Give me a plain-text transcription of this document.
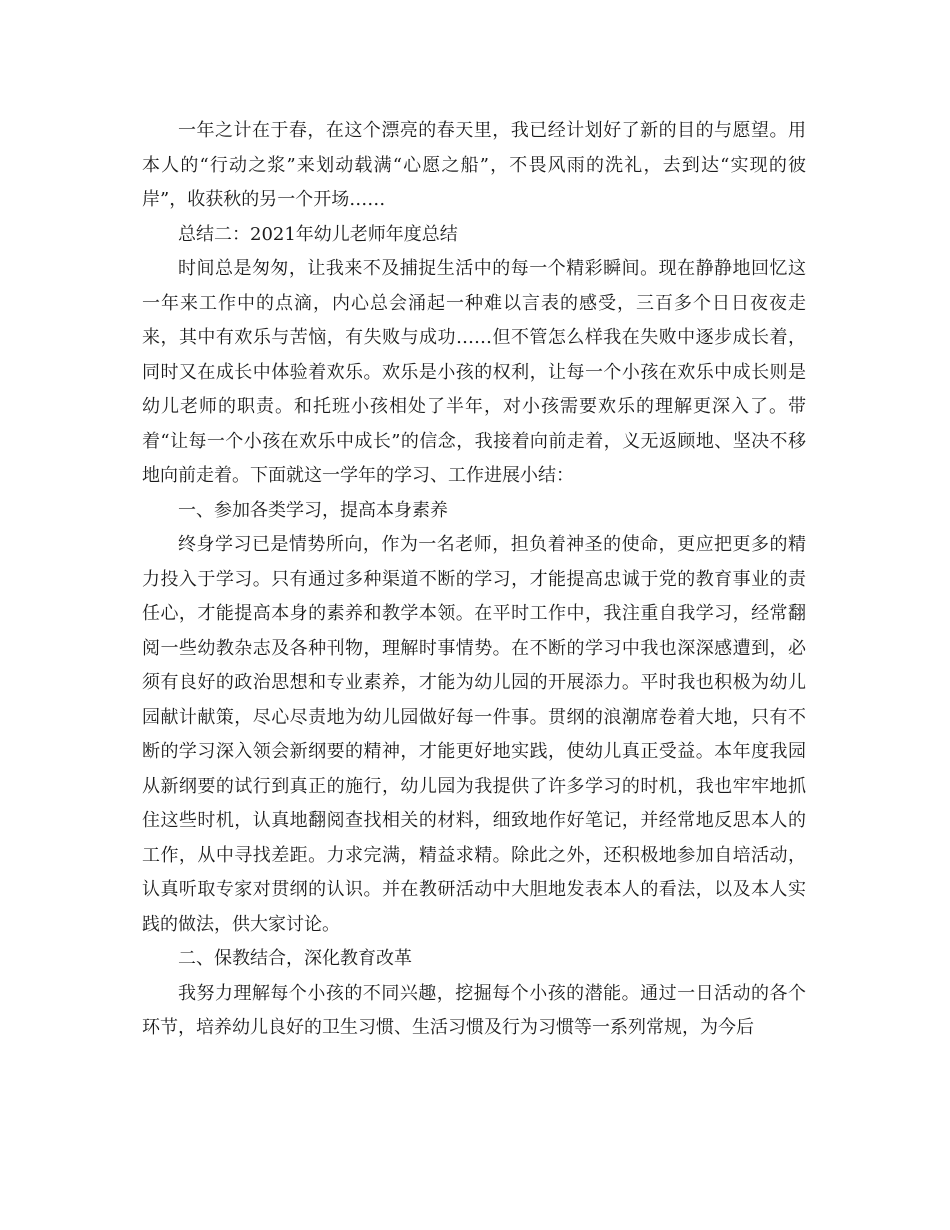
一年之计在于春，在这个漂亮的春天里，我已经计划好了新的目的与愿望。用本人的“行动之浆”来划动载满“心愿之船”，不畏风雨的洗礼，去到达“实现的彼岸”，收获秋的另一个开场……

总结二：2021年幼儿老师年度总结

时间总是匆匆，让我来不及捕捉生活中的每一个精彩瞬间。现在静静地回忆这一年来工作中的点滴，内心总会涌起一种难以言表的感受，三百多个日日夜夜走来，其中有欢乐与苦恼，有失败与成功……但不管怎么样我在失败中逐步成长着，同时又在成长中体验着欢乐。欢乐是小孩的权利，让每一个小孩在欢乐中成长则是幼儿老师的职责。和托班小孩相处了半年，对小孩需要欢乐的理解更深入了。带着“让每一个小孩在欢乐中成长”的信念，我接着向前走着，义无返顾地、坚决不移地向前走着。下面就这一学年的学习、工作进展小结：

一、参加各类学习，提高本身素养

终身学习已是情势所向，作为一名老师，担负着神圣的使命，更应把更多的精力投入于学习。只有通过多种渠道不断的学习，才能提高忠诚于党的教育事业的责任心，才能提高本身的素养和教学本领。在平时工作中，我注重自我学习，经常翻阅一些幼教杂志及各种刊物，理解时事情势。在不断的学习中我也深深感遭到，必须有良好的政治思想和专业素养，才能为幼儿园的开展添力。平时我也积极为幼儿园献计献策，尽心尽责地为幼儿园做好每一件事。贯纲的浪潮席卷着大地，只有不断的学习深入领会新纲要的精神，才能更好地实践，使幼儿真正受益。本年度我园从新纲要的试行到真正的施行，幼儿园为我提供了许多学习的时机，我也牢牢地抓住这些时机，认真地翻阅查找相关的材料，细致地作好笔记，并经常地反思本人的工作，从中寻找差距。力求完满，精益求精。除此之外，还积极地参加自培活动，认真听取专家对贯纲的认识。并在教研活动中大胆地发表本人的看法，以及本人实践的做法，供大家讨论。

二、保教结合，深化教育改革

我努力理解每个小孩的不同兴趣，挖掘每个小孩的潜能。通过一日活动的各个环节，培养幼儿良好的卫生习惯、生活习惯及行为习惯等一系列常规，为今后
